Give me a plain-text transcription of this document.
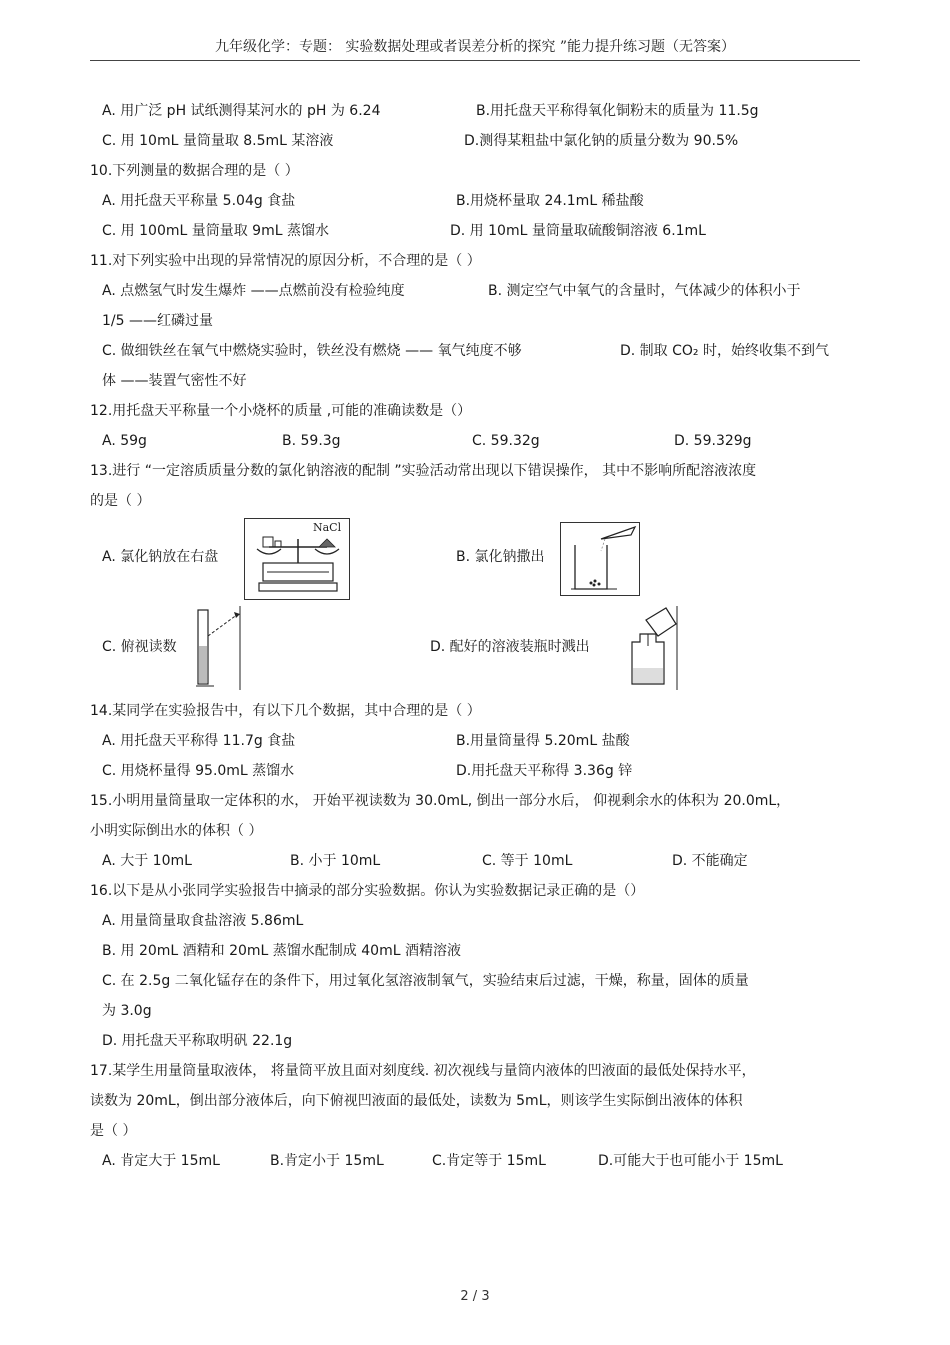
九年级化学：专题： 实验数据处理或者误差分析的探究 ”能力提升练习题（无答案）
A. 用广泛 pH 试纸测得某河水的 pH 为 6.24	B.用托盘天平称得氧化铜粉末的质量为 11.5g
C. 用 10mL 量筒量取 8.5mL 某溶液	D.测得某粗盐中氯化钠的质量分数为 90.5%
10.下列测量的数据合理的是（ ）
A. 用托盘天平称量 5.04g 食盐	B.用烧杯量取 24.1mL 稀盐酸
C. 用 100mL 量筒量取 9mL 蒸馏水	D. 用 10mL 量筒量取硫酸铜溶液 6.1mL
11.对下列实验中出现的异常情况的原因分析，不合理的是（ ）
A. 点燃氢气时发生爆炸 ——点燃前没有检验纯度	B. 测定空气中氧气的含量时，气体减少的体积小于
1/5 ——红磷过量
C. 做细铁丝在氧气中燃烧实验时，铁丝没有燃烧 —— 氧气纯度不够	D. 制取 CO₂ 时，始终收集不到气
体 ——装置气密性不好
12.用托盘天平称量一个小烧杯的质量 ,可能的准确读数是（）
A. 59g	B. 59.3g	C. 59.32g	D. 59.329g
13.进行 “一定溶质质量分数的氯化钠溶液的配制 ”实验活动常出现以下错误操作， 其中不影响所配溶液浓度
的是（ ）
A. 氯化钠放在右盘
NaCl
B. 氯化钠撒出
C. 俯视读数	D. 配好的溶液装瓶时溅出
14.某同学在实验报告中，有以下几个数据，其中合理的是（ ）
A. 用托盘天平称得 11.7g 食盐	B.用量筒量得 5.20mL 盐酸
C. 用烧杯量得 95.0mL 蒸馏水	D.用托盘天平称得 3.36g 锌
15.小明用量筒量取一定体积的水， 开始平视读数为 30.0mL, 倒出一部分水后， 仰视剩余水的体积为 20.0mL，
小明实际倒出水的体积（ ）
A. 大于 10mL	B. 小于 10mL	C. 等于 10mL	D. 不能确定
16.以下是从小张同学实验报告中摘录的部分实验数据。你认为实验数据记录正确的是（）
A. 用量筒量取食盐溶液 5.86mL
B. 用 20mL 酒精和 20mL 蒸馏水配制成 40mL 酒精溶液
C. 在 2.5g 二氧化锰存在的条件下，用过氧化氢溶液制氧气，实验结束后过滤，干燥，称量，固体的质量
为 3.0g
D. 用托盘天平称取明矾 22.1g
17.某学生用量筒量取液体， 将量筒平放且面对刻度线. 初次视线与量筒内液体的凹液面的最低处保持水平，
读数为 20mL，倒出部分液体后，向下俯视凹液面的最低处，读数为 5mL，则该学生实际倒出液体的体积
是（ ）
A. 肯定大于 15mL	B.肯定小于 15mL	C.肯定等于 15mL	D.可能大于也可能小于 15mL
2 / 3
